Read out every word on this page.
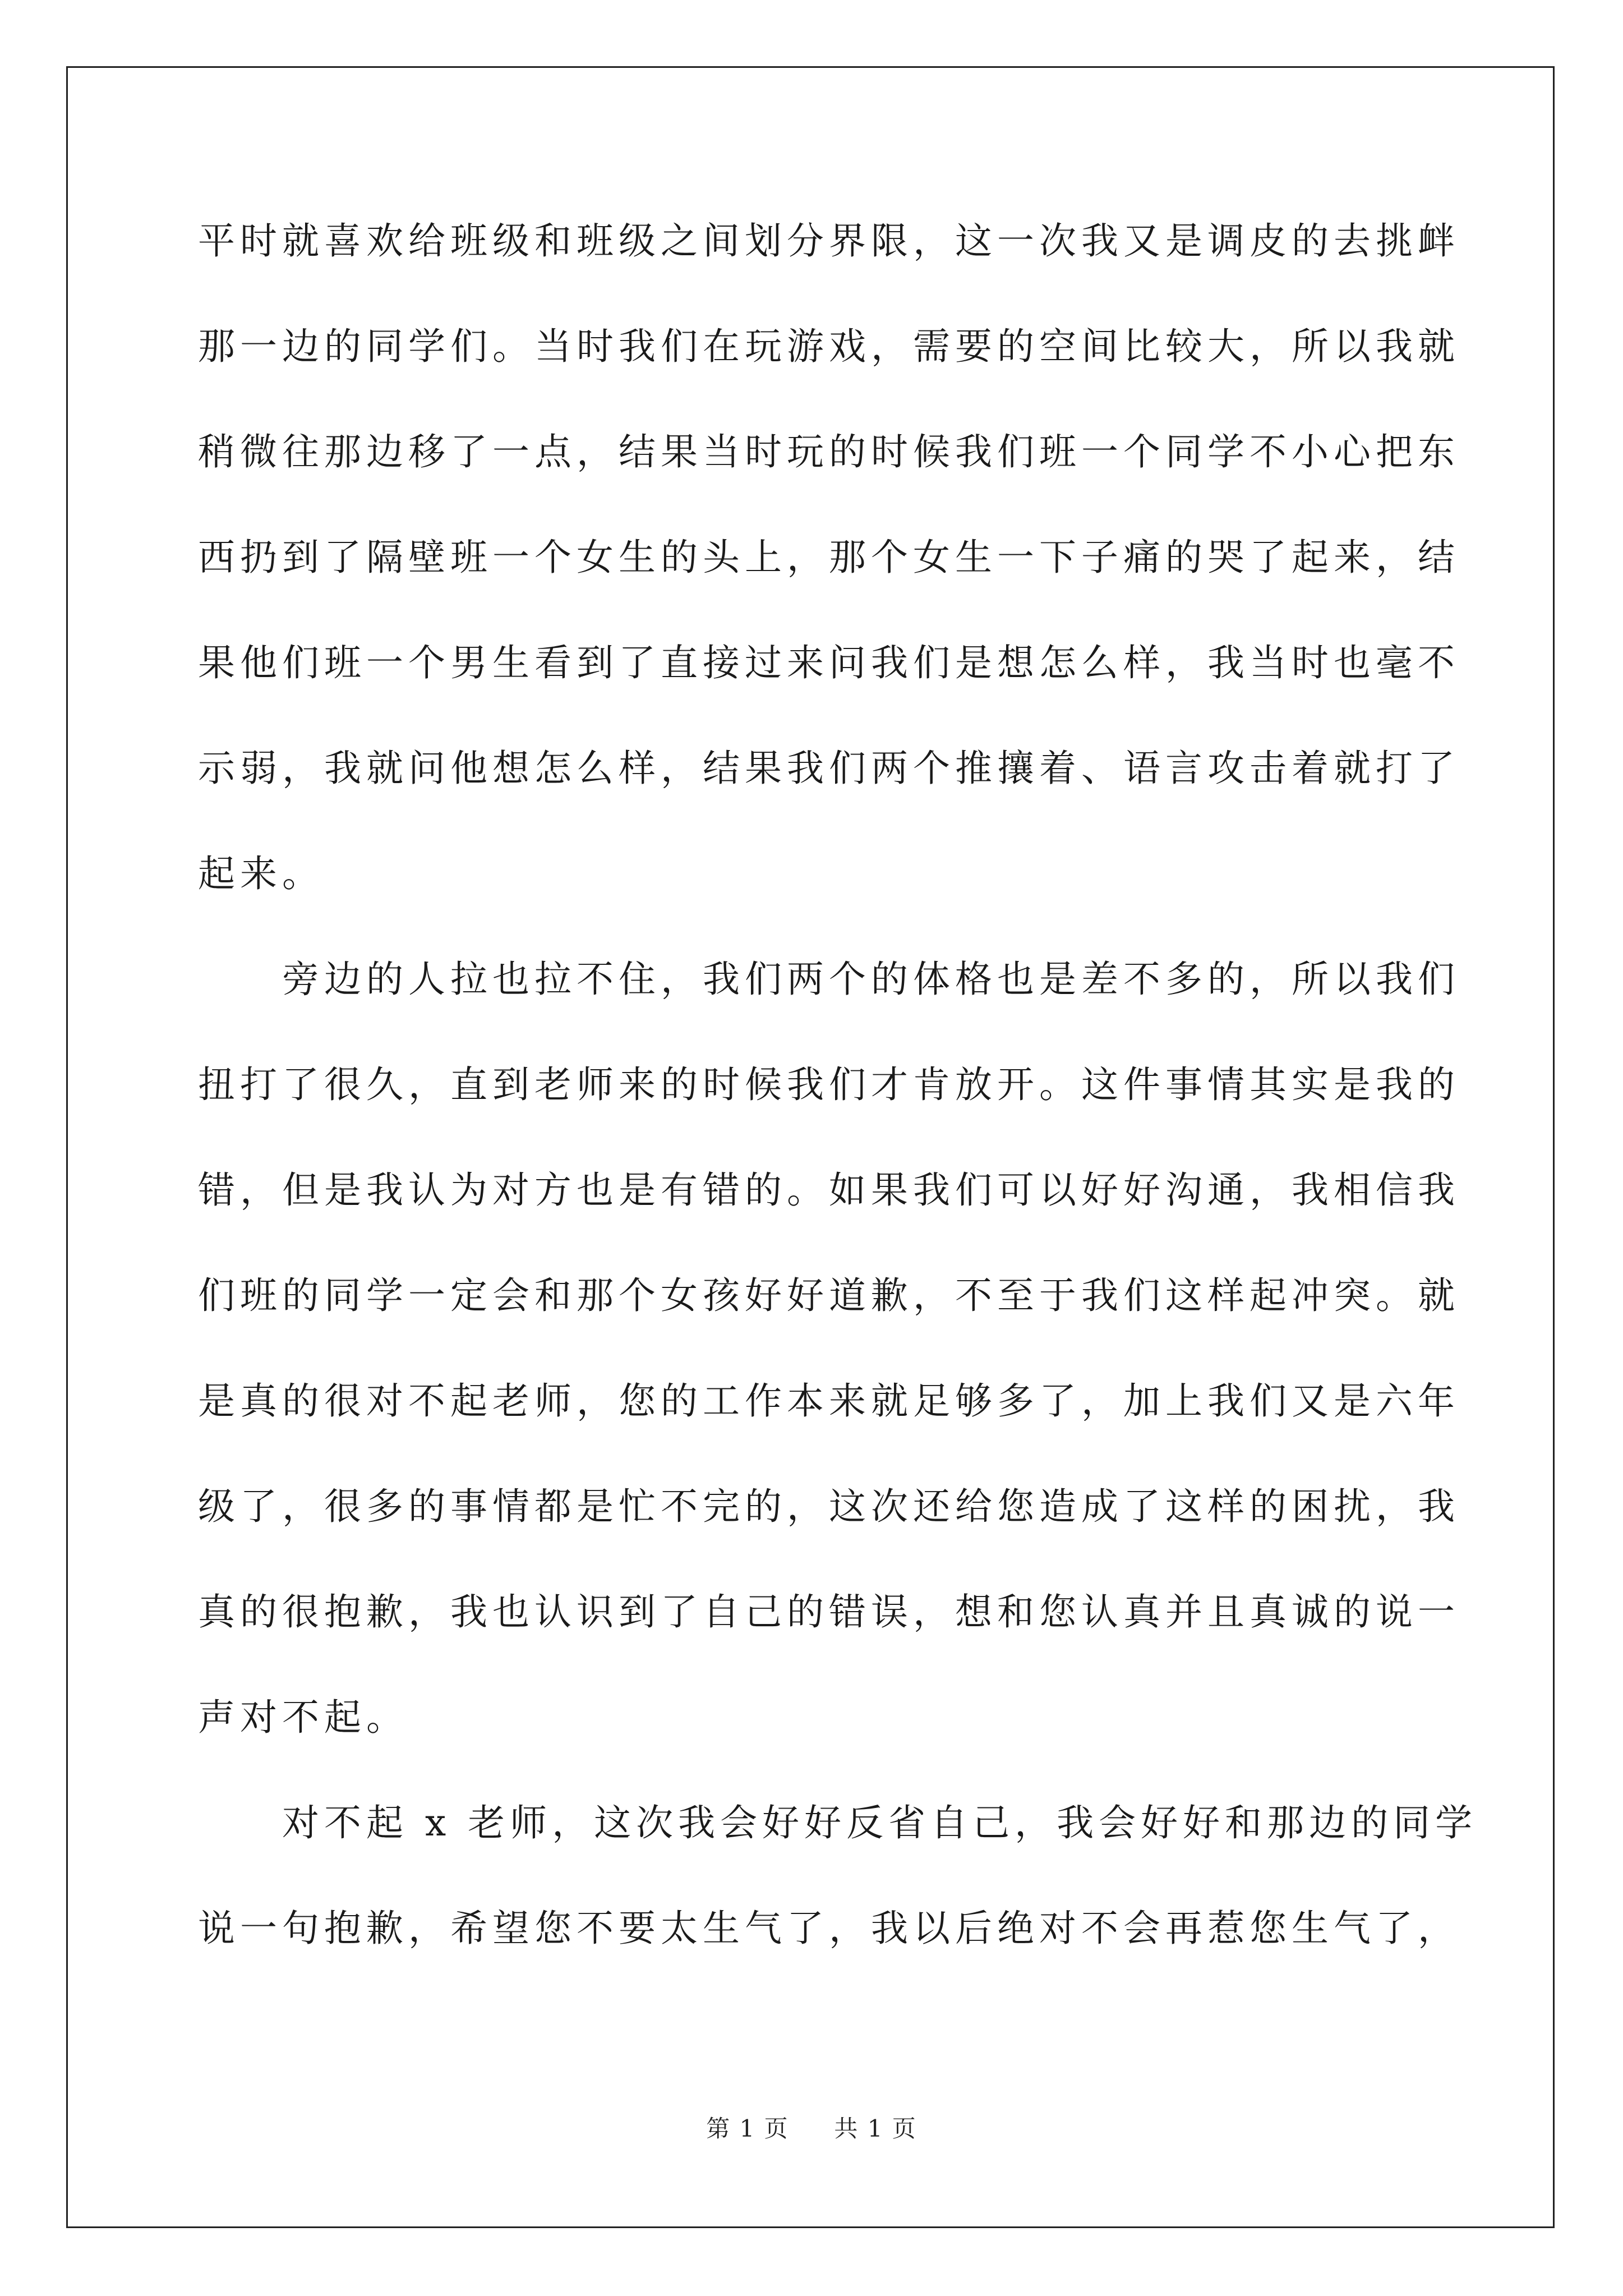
平时就喜欢给班级和班级之间划分界限，这一次我又是调皮的去挑衅
那一边的同学们。当时我们在玩游戏，需要的空间比较大，所以我就
稍微往那边移了一点，结果当时玩的时候我们班一个同学不小心把东
西扔到了隔壁班一个女生的头上，那个女生一下子痛的哭了起来，结
果他们班一个男生看到了直接过来问我们是想怎么样，我当时也毫不
示弱，我就问他想怎么样，结果我们两个推攘着、语言攻击着就打了
起来。
旁边的人拉也拉不住，我们两个的体格也是差不多的，所以我们
扭打了很久，直到老师来的时候我们才肯放开。这件事情其实是我的
错，但是我认为对方也是有错的。如果我们可以好好沟通，我相信我
们班的同学一定会和那个女孩好好道歉，不至于我们这样起冲突。就
是真的很对不起老师，您的工作本来就足够多了，加上我们又是六年
级了，很多的事情都是忙不完的，这次还给您造成了这样的困扰，我
真的很抱歉，我也认识到了自己的错误，想和您认真并且真诚的说一
声对不起。
对不起 x 老师，这次我会好好反省自己，我会好好和那边的同学
说一句抱歉，希望您不要太生气了，我以后绝对不会再惹您生气了，
第 1 页 共 1 页
